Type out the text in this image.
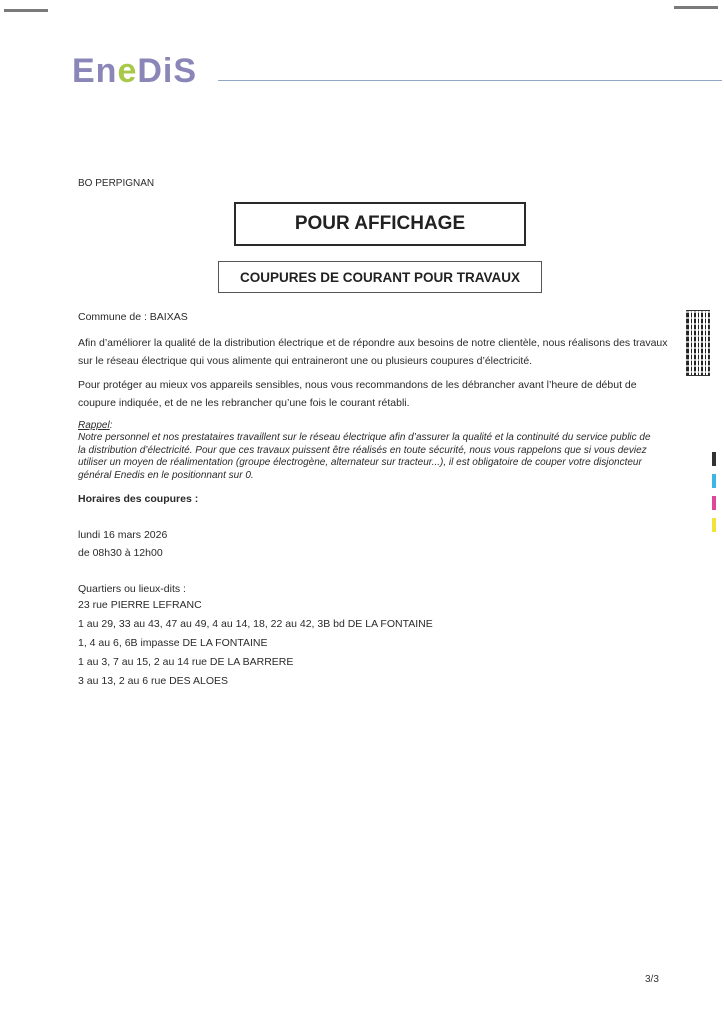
EneDiS
BO PERPIGNAN
POUR AFFICHAGE
COUPURES DE COURANT POUR TRAVAUX
Commune de : BAIXAS
Afin d’améliorer la qualité de la distribution électrique et de répondre aux besoins de notre clientèle, nous réalisons des travaux sur le réseau électrique qui vous alimente qui entraineront une ou plusieurs coupures d’électricité.
Pour protéger au mieux vos appareils sensibles, nous vous recommandons de les débrancher avant l’heure de début de coupure indiquée, et de ne les rebrancher qu’une fois le courant rétabli.
Rappel:
Notre personnel et nos prestataires travaillent sur le réseau électrique afin d’assurer la qualité et la continuité du service public de la distribution d’électricité. Pour que ces travaux puissent être réalisés en toute sécurité, nous vous rappelons que si vous deviez utiliser un moyen de réalimentation (groupe électrogène, alternateur sur tracteur...), il est obligatoire de couper votre disjoncteur général Enedis en le positionnant sur 0.
Horaires des coupures :
lundi 16 mars 2026
de 08h30 à 12h00
Quartiers ou lieux-dits :
23 rue PIERRE LEFRANC
1 au 29, 33 au 43, 47 au 49, 4 au 14, 18, 22 au 42, 3B bd DE LA FONTAINE
1, 4 au 6, 6B impasse DE LA FONTAINE
1 au 3, 7 au 15, 2 au 14 rue DE LA BARRERE
3 au 13, 2 au 6 rue DES ALOES
3/3
